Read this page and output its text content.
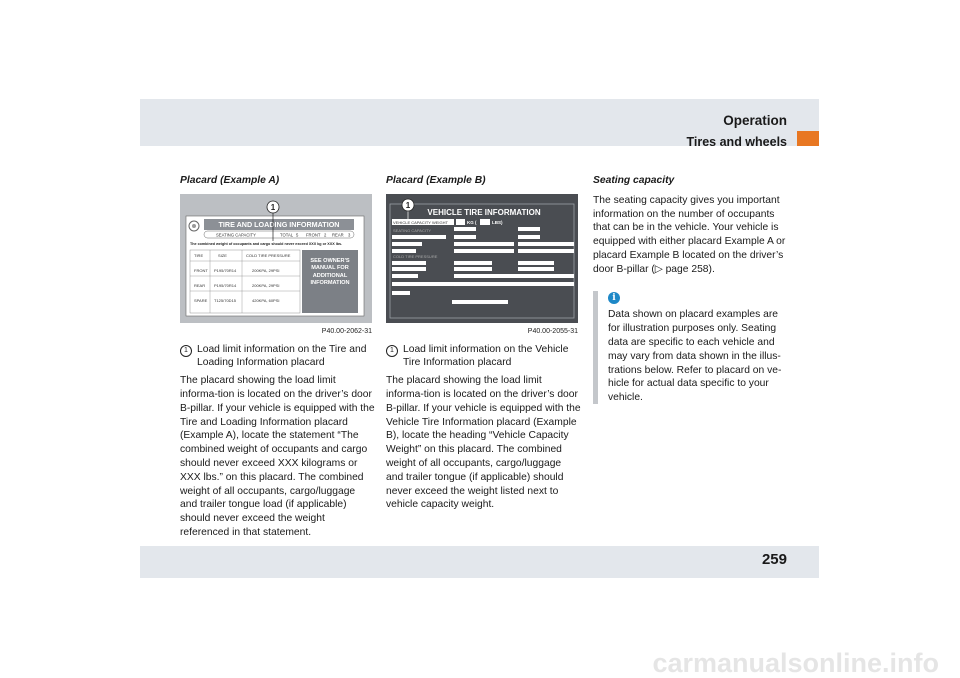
Operation
Tires and wheels
Placard (Example A)
TIRE AND LOADING INFORMATION
SEATING CAPACITY	TOTAL 5 FRONT 2 REAR 3
The combined weight of occupants and cargo should never exceed XXX kg or XXX lbs.
TIRE	SIZE	COLD TIRE PRESSURE
FRONT P195/70R14	200KPA, 29PSI
REAR P195/70R14	200KPA, 29PSI
SPARE T125/70D15	420KPA, 60PSI
SEE OWNER'S MANUAL FOR ADDITIONAL INFORMATION
1
P40.00-2062-31
1 Load limit information on the Tire and Loading Information placard

The placard showing the load limit informa-tion is located on the driver’s door B-pillar. If your vehicle is equipped with the Tire and Loading Information placard (Example A), locate the statement “The combined weight of occupants and cargo should never exceed XXX kilograms or XXX lbs.” on this placard. The combined weight of all occupants, cargo/luggage and trailer tongue load (if applicable) should never exceed the weight referenced in that statement.

Placard (Example B)
VEHICLE TIRE INFORMATION
VEHICLE CAPACITY WEIGHT	KG (	LBS)
SEATING CAPACITY
COLD TIRE PRESSURE
1
P40.00-2055-31
1 Load limit information on the Vehicle Tire Information placard

The placard showing the load limit informa-tion is located on the driver’s door B-pillar. If your vehicle is equipped with the Vehicle Tire Information placard (Example B), locate the heading “Vehicle Capacity Weight” on this placard. The combined weight of all occupants, cargo/luggage and trailer tongue (if applicable) should never exceed the weight listed next to vehicle capacity weight.

Seating capacity

The seating capacity gives you important information on the number of occupants that can be in the vehicle. Your vehicle is equipped with either placard Example A or placard Example B located on the driver’s door B-pillar (▷ page 258).

i

Data shown on placard examples are for illustration purposes only. Seating data are specific to each vehicle and may vary from data shown in the illus-trations below. Refer to placard on ve-hicle for actual data specific to your vehicle.

259
carmanualsonline.info
